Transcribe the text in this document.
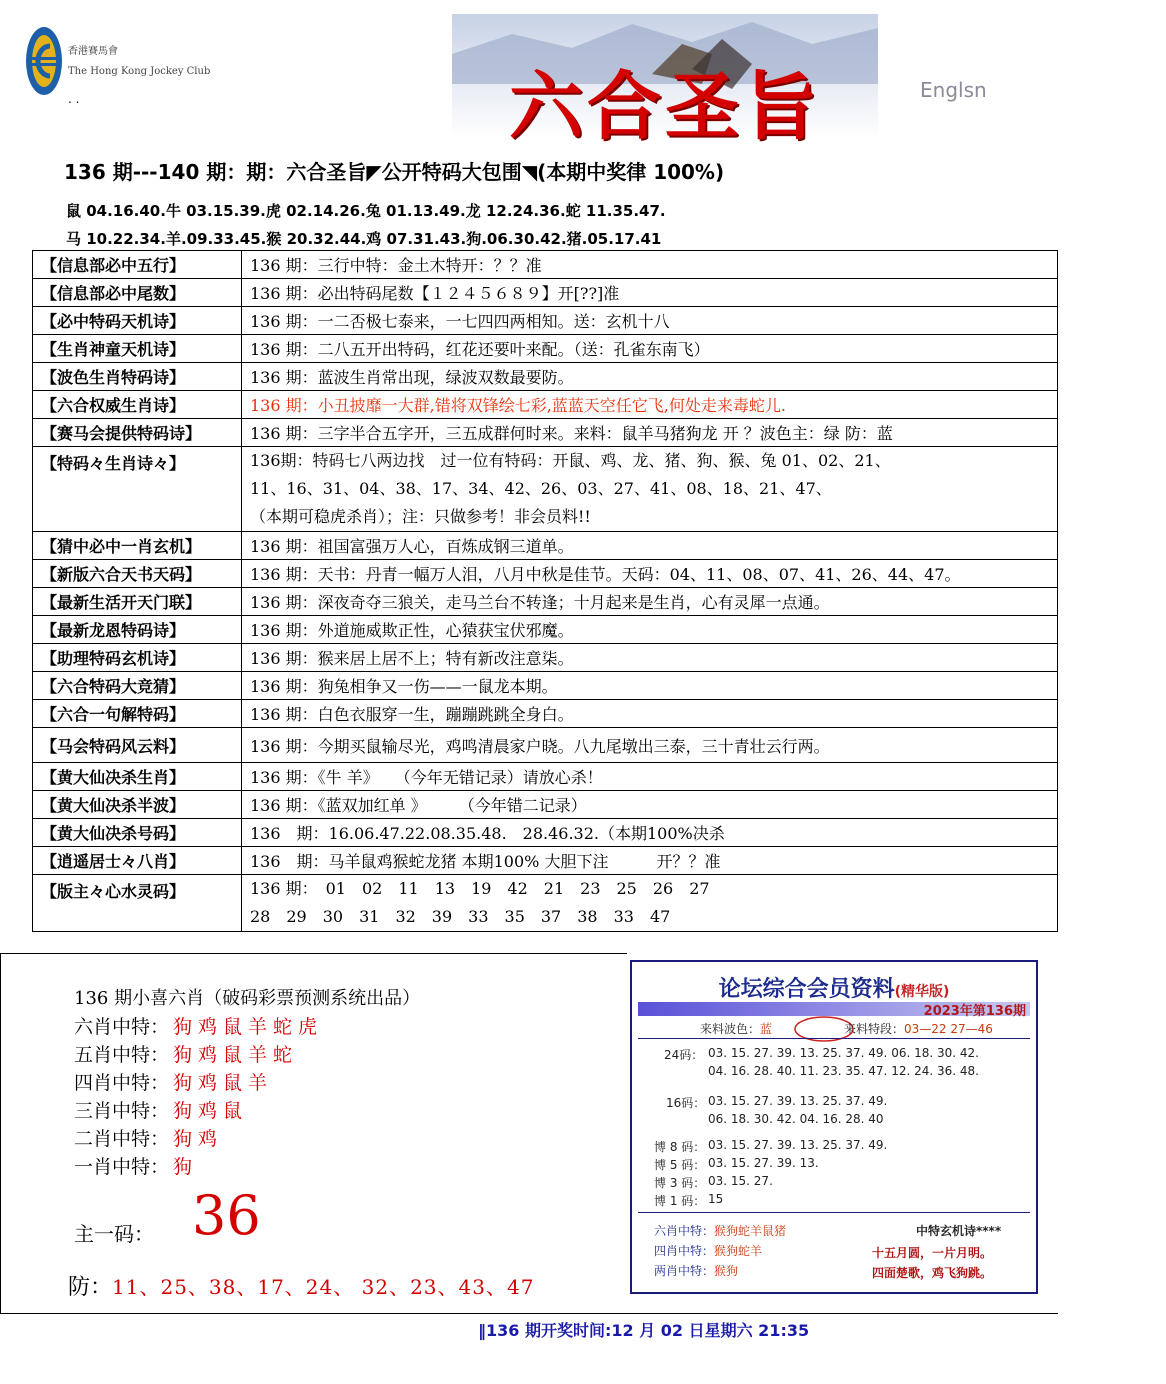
香港賽馬會
The Hong Kong Jockey Club
. .	六合圣旨	Englsn
136 期---140 期：期：六合圣旨◤公开特码大包围◥(本期中奖律 100%)
鼠 04.16.40.牛 03.15.39.虎 02.14.26.兔 01.13.49.龙 12.24.36.蛇 11.35.47.
马 10.22.34.羊.09.33.45.猴 20.32.44.鸡 07.31.43.狗.06.30.42.猪.05.17.41
【信息部必中五行】	136 期：三行中特：金土木特开：？？准
【信息部必中尾数】	136 期：必出特码尾数【１２４５６８９】开[??]准
【必中特码天机诗】	136 期：一二否极七泰来，一七四四两相知。送：玄机十八
【生肖神童天机诗】	136 期：二八五开出特码，红花还要叶来配。（送：孔雀东南飞）
【波色生肖特码诗】	136 期：蓝波生肖常出现，绿波双数最要防。
【六合权威生肖诗】	136 期：小丑披靡一大群,错将双锋绘七彩,蓝蓝天空任它飞,何处走来毒蛇儿.
【赛马会提供特码诗】	136 期：三字半合五字开，三五成群何时来。来料：鼠羊马猪狗龙 开 ？波色主：绿 防：蓝
【特码々生肖诗々】	136期：特码七八两边找　过一位有特码：开鼠、鸡、龙、猪、狗、猴、兔 01、02、21、
11、16、31、04、38、17、34、42、26、03、27、41、08、18、21、47、
（本期可稳虎杀肖）；注：只做参考！非会员料!!

【猜中必中一肖玄机】	136 期：祖国富强万人心，百炼成钢三道单。
【新版六合天书天码】	136 期：天书：丹青一幅万人泪，八月中秋是佳节。天码：04、11、08、07、41、26、44、47。
【最新生活开天门联】	136 期：深夜奇夺三狼关，走马兰台不转逢；十月起来是生肖，心有灵犀一点通。
【最新龙恩特码诗】	136 期：外道施威欺正性，心猿获宝伏邪魔。
【助理特码玄机诗】	136 期：猴来居上居不上；特有新改注意柒。
【六合特码大竞猜】	136 期：狗兔相争又一伤——一鼠龙本期。
【六合一句解特码】	136 期：白色衣服穿一生，蹦蹦跳跳全身白。
【马会特码风云料】	136 期：今期买鼠输尽光，鸡鸣清晨家户晓。八九尾墩出三泰，三十青壮云行两。
【黄大仙决杀生肖】	136 期：《牛 羊》　　（今年无错记录）请放心杀！
【黄大仙决杀半波】	136 期：《蓝双加红单 》　　　（今年错二记录）
【黄大仙决杀号码】	136　期：16.06.47.22.08.35.48.　28.46.32.（本期100%决杀
【逍遥居士々八肖】	136　期：马羊鼠鸡猴蛇龙猪 本期100% 大胆下注　　　开？？准
【版主々心水灵码】	136 期：　01　02　11　13　19　42　21　23　25　26　27
28　29　30　31　32　39　33　35　37　38　33　47
136 期小喜六肖（破码彩票预测系统出品）
六肖中特： 狗鸡鼠羊蛇虎
五肖中特： 狗鸡鼠羊蛇
四肖中特： 狗鸡鼠羊
三肖中特： 狗鸡鼠
二肖中特： 狗鸡
一肖中特： 狗
主一码： 36
防：11、25、38、17、24、 32、23、43、47
论坛综合会员资料(精华版)
2023年第136期
来料波色：蓝	来料特段：03—22 27—46
24码： 03. 15. 27. 39. 13. 25. 37. 49. 06. 18. 30. 42.
04. 16. 28. 40. 11. 23. 35. 47. 12. 24. 36. 48.
16码： 03. 15. 27. 39. 13. 25. 37. 49.
06. 18. 30. 42. 04. 16. 28. 40
博 8 码： 03. 15. 27. 39. 13. 25. 37. 49.
博 5 码： 03. 15. 27. 39. 13.
博 3 码： 03. 15. 27.
博 1 码： 15
六肖中特：猴狗蛇羊鼠猪
四肖中特：猴狗蛇羊
两肖中特：猴狗
中特玄机诗****
十五月圆，一片月明。
四面楚歌，鸡飞狗跳。
‖136 期开奖时间:12 月 02 日星期六 21:35
